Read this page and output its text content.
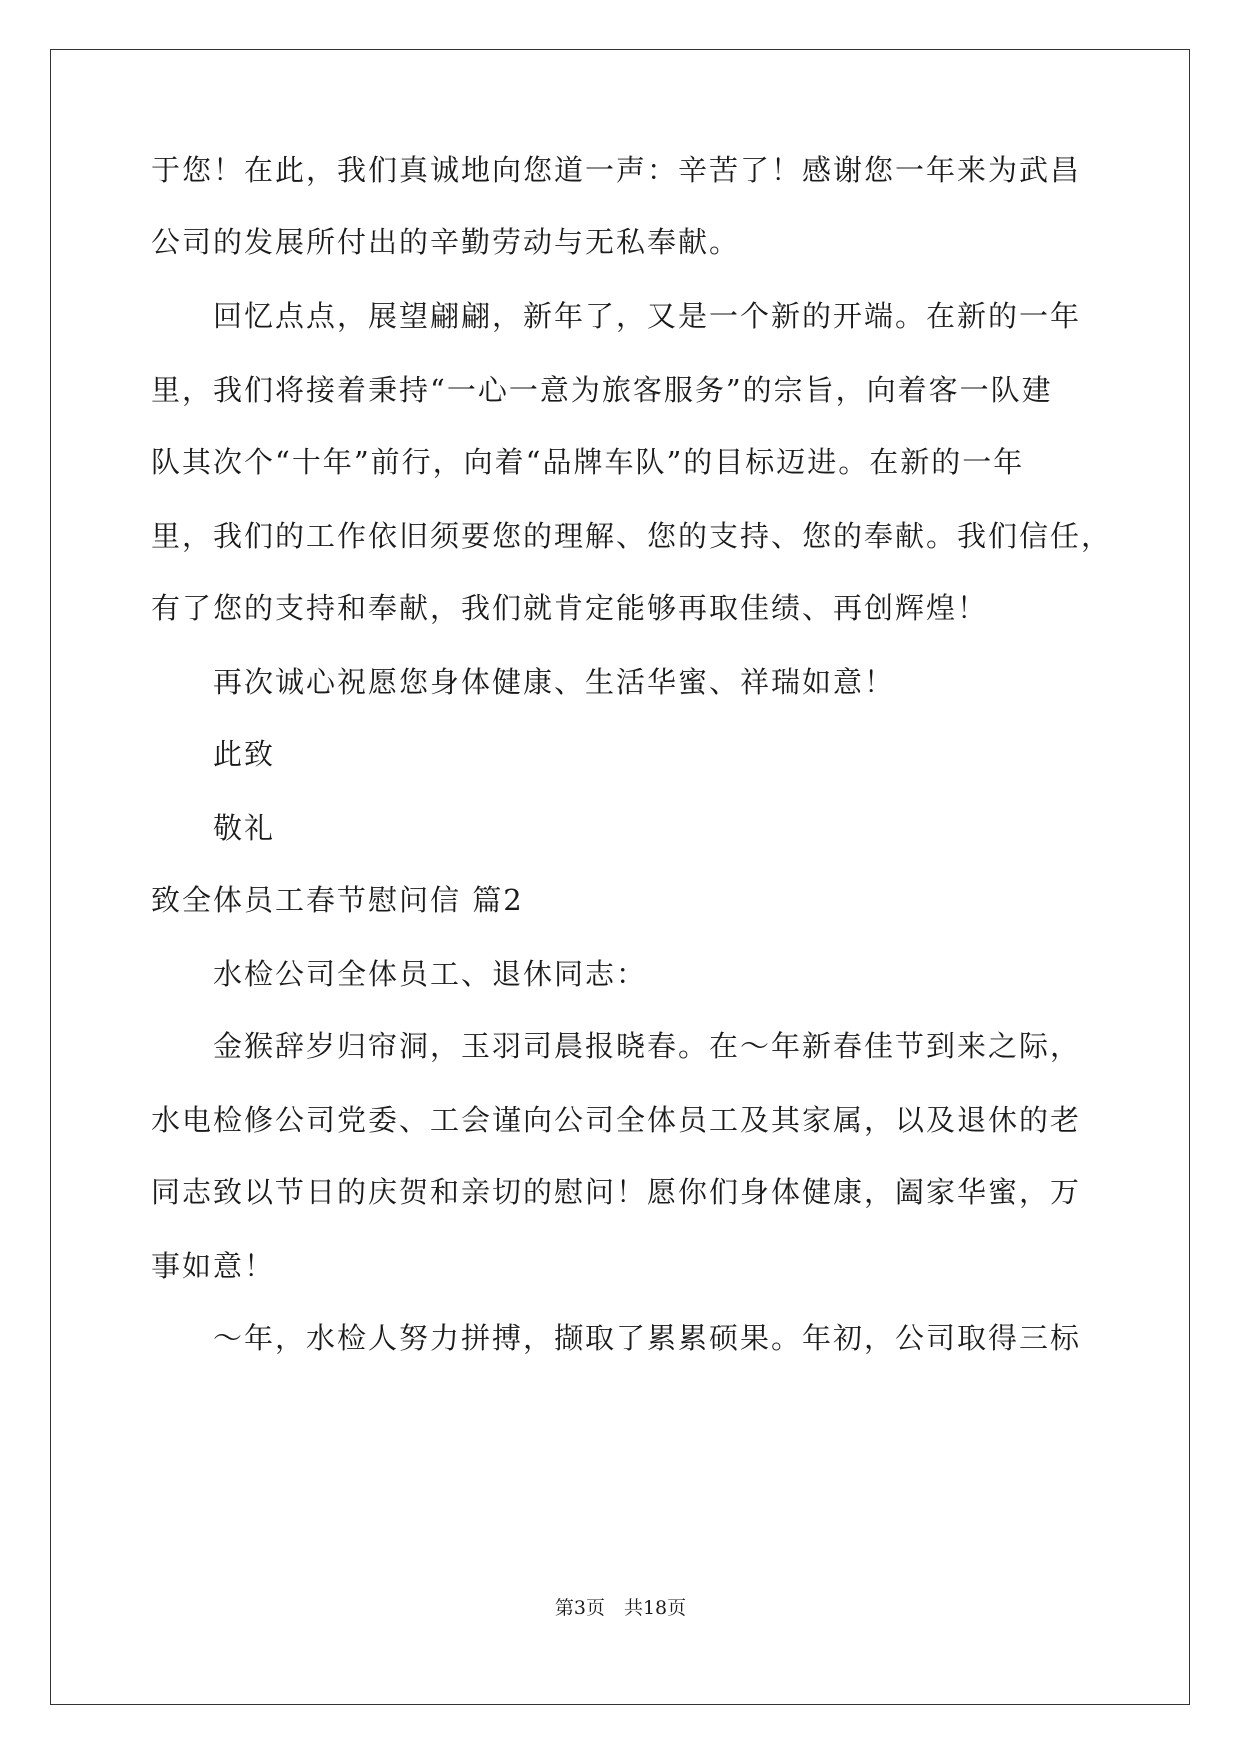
于您！在此，我们真诚地向您道一声：辛苦了！感谢您一年来为武昌
公司的发展所付出的辛勤劳动与无私奉献。
回忆点点，展望翩翩，新年了，又是一个新的开端。在新的一年
里，我们将接着秉持“一心一意为旅客服务”的宗旨，向着客一队建
队其次个“十年”前行，向着“品牌车队”的目标迈进。在新的一年
里，我们的工作依旧须要您的理解、您的支持、您的奉献。我们信任，
有了您的支持和奉献，我们就肯定能够再取佳绩、再创辉煌！
再次诚心祝愿您身体健康、生活华蜜、祥瑞如意！
此致
敬礼
致全体员工春节慰问信 篇2
水检公司全体员工、退休同志：
金猴辞岁归帘洞，玉羽司晨报晓春。在～年新春佳节到来之际，
水电检修公司党委、工会谨向公司全体员工及其家属，以及退休的老
同志致以节日的庆贺和亲切的慰问！愿你们身体健康，阖家华蜜，万
事如意！
～年，水检人努力拼搏，撷取了累累硕果。年初，公司取得三标
第3页　共18页
